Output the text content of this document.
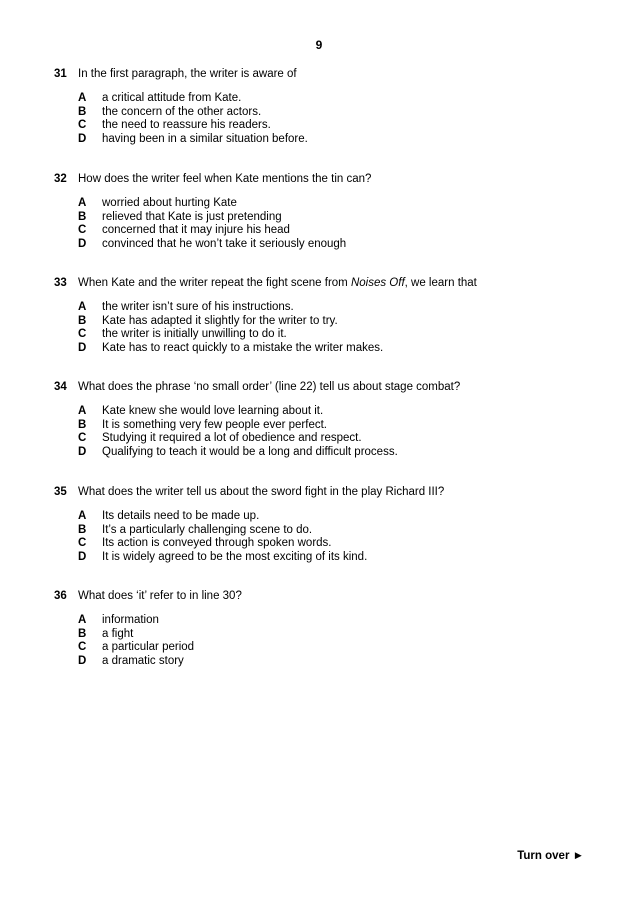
9
31 In the first paragraph, the writer is aware of
A a critical attitude from Kate.
B the concern of the other actors.
C the need to reassure his readers.
D having been in a similar situation before.
32 How does the writer feel when Kate mentions the tin can?
A worried about hurting Kate
B relieved that Kate is just pretending
C concerned that it may injure his head
D convinced that he won’t take it seriously enough
33 When Kate and the writer repeat the fight scene from Noises Off, we learn that
A the writer isn’t sure of his instructions.
B Kate has adapted it slightly for the writer to try.
C the writer is initially unwilling to do it.
D Kate has to react quickly to a mistake the writer makes.
34 What does the phrase ‘no small order’ (line 22) tell us about stage combat?
A Kate knew she would love learning about it.
B It is something very few people ever perfect.
C Studying it required a lot of obedience and respect.
D Qualifying to teach it would be a long and difficult process.
35 What does the writer tell us about the sword fight in the play Richard III?
A Its details need to be made up.
B It’s a particularly challenging scene to do.
C Its action is conveyed through spoken words.
D It is widely agreed to be the most exciting of its kind.
36 What does ‘it’ refer to in line 30?
A information
B a fight
C a particular period
D a dramatic story
Turn over ►
